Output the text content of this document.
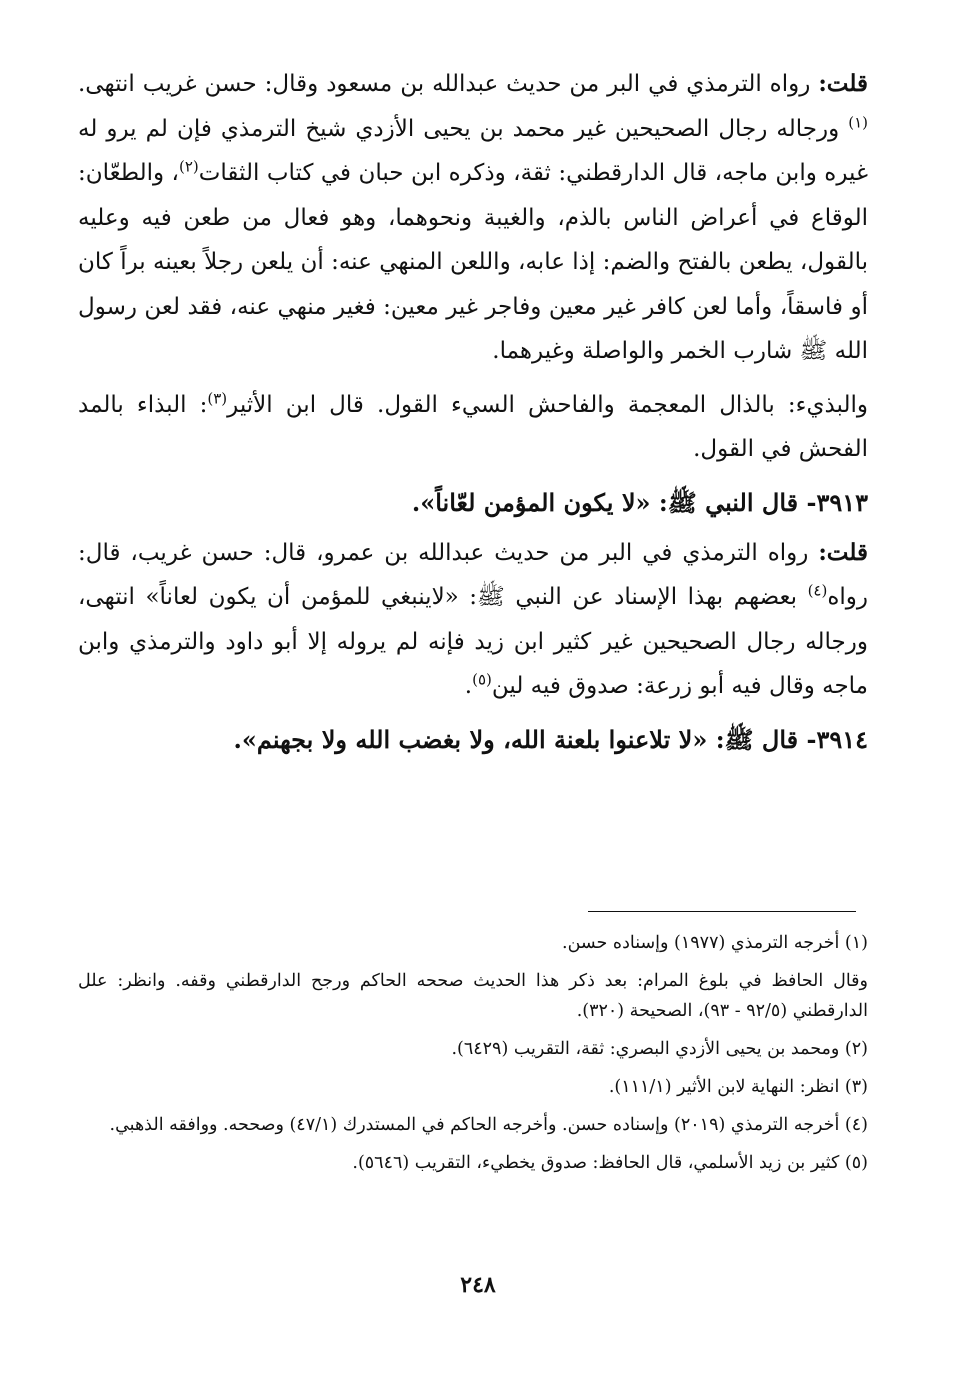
قلت: رواه الترمذي في البر من حديث عبدالله بن مسعود وقال: حسن غريب انتهى.$^{(١)}$ ورجاله رجال الصحيحين غير محمد بن يحيى الأزدي شيخ الترمذي فإن لم يرو له غيره وابن ماجه، قال الدارقطني: ثقة، وذكره ابن حبان في كتاب الثقات$^{(٢)}$، والطعّان: الوقاع في أعراض الناس بالذم، والغيبة ونحوهما، وهو فعال من طعن فيه وعليه بالقول، يطعن بالفتح والضم: إذا عابه، واللعن المنهي عنه: أن يلعن رجلاً بعينه براً كان أو فاسقاً، وأما لعن كافر غير معين وفاجر غير معين: فغير منهي عنه، فقد لعن رسول الله ﷺ شارب الخمر والواصلة وغيرهما.

والبذيء: بالذال المعجمة والفاحش السيء القول. قال ابن الأثير$^{(٣)}$: البذاء بالمد الفحش في القول.

٣٩١٣- قال النبي ﷺ: «لا يكون المؤمن لعّاناً».

قلت: رواه الترمذي في البر من حديث عبدالله بن عمرو، قال: حسن غريب، قال: رواه$^{(٤)}$ بعضهم بهذا الإسناد عن النبي ﷺ: «لاينبغي للمؤمن أن يكون لعاناً» انتهى، ورجاله رجال الصحيحين غير كثير ابن زيد فإنه لم يروله إلا أبو داود والترمذي وابن ماجه وقال فيه أبو زرعة: صدوق فيه لين$^{(٥)}$.

٣٩١٤- قال ﷺ: «لا تلاعنوا بلعنة الله، ولا بغضب الله ولا بجهنم».

(١) أخرجه الترمذي (١٩٧٧) وإسناده حسن.

وقال الحافظ في بلوغ المرام: بعد ذكر هذا الحديث صححه الحاكم ورجح الدارقطني وقفه. وانظر: علل الدارقطني (٩٢/٥ - ٩٣)، الصحيحة (٣٢٠).

(٢) ومحمد بن يحيى الأزدي البصري: ثقة، التقريب (٦٤٢٩).

(٣) انظر: النهاية لابن الأثير (١١١/١).

(٤) أخرجه الترمذي (٢٠١٩) وإسناده حسن. وأخرجه الحاكم في المستدرك (٤٧/١) وصححه. ووافقه الذهبي.

(٥) كثير بن زيد الأسلمي، قال الحافظ: صدوق يخطيء، التقريب (٥٦٤٦).

٢٤٨
